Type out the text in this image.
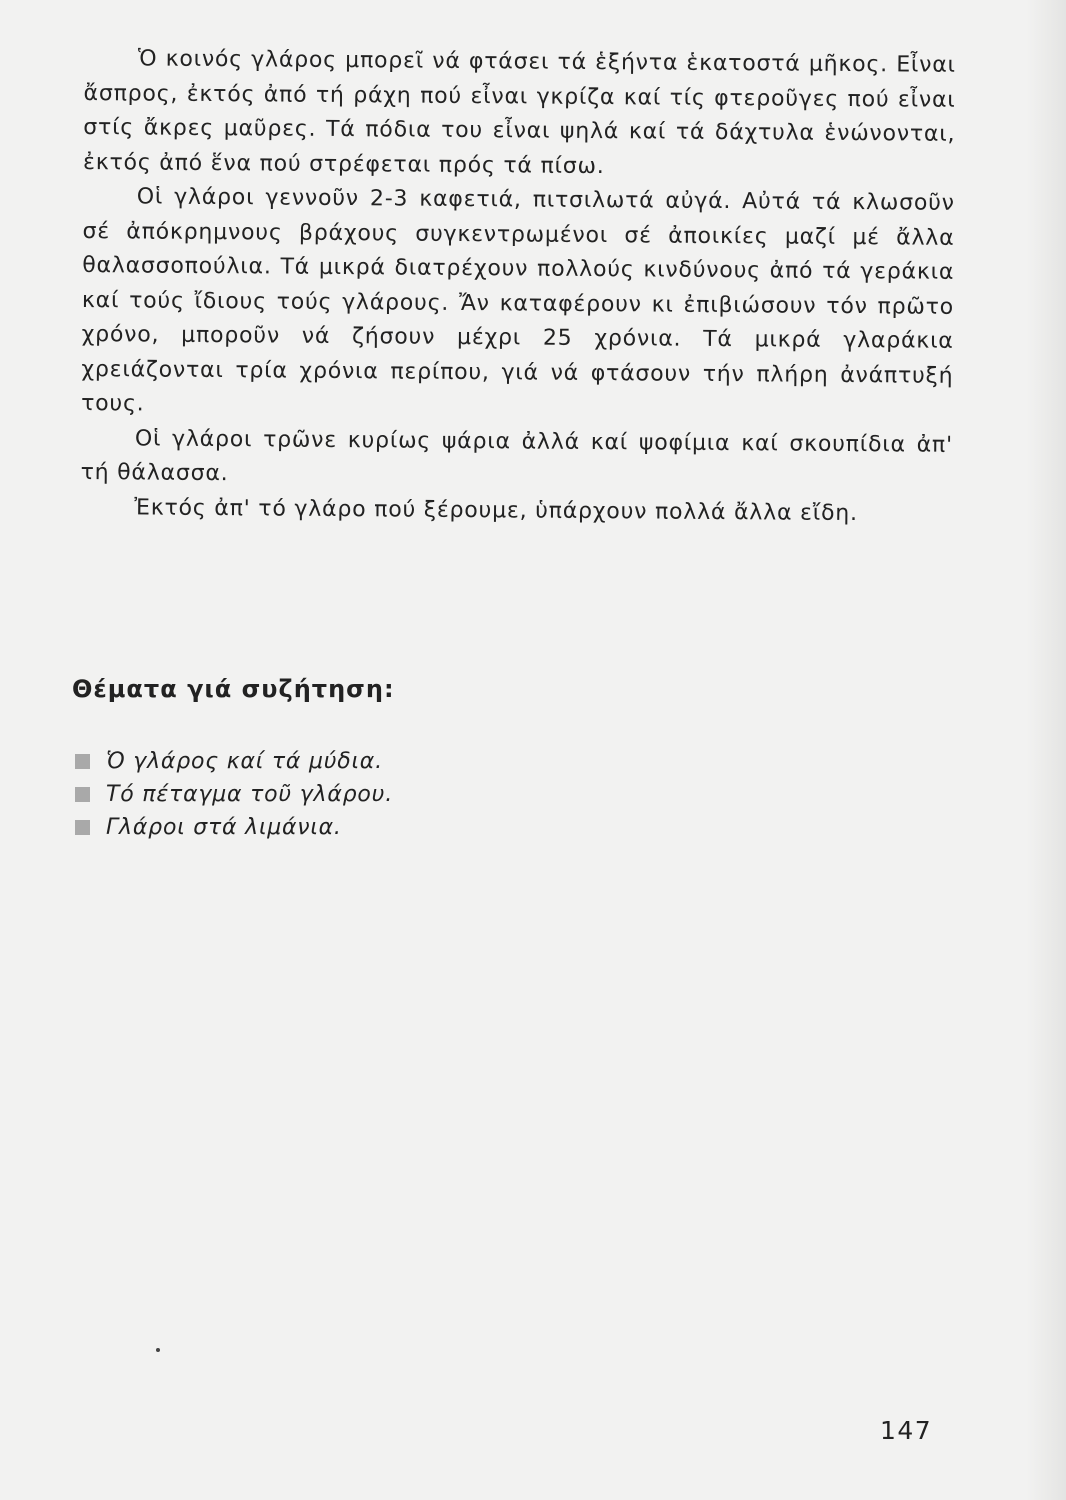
Ὁ κοινός γλάρος μπορεῖ νά φτάσει τά ἑξήντα ἑκατοστά μῆκος. Εἶναι ἄσπρος, ἐκτός ἀπό τή ράχη πού εἶναι γκρίζα καί τίς φτεροῦγες πού εἶναι στίς ἄκρες μαῦρες. Τά πόδια του εἶναι ψηλά καί τά δάχτυλα ἑνώνονται, ἐκτός ἀπό ἕνα πού στρέφεται πρός τά πίσω.

Οἱ γλάροι γεννοῦν 2-3 καφετιά, πιτσιλωτά αὐγά. Αὐτά τά κλωσοῦν σέ ἀπόκρημνους βράχους συγκεντρωμένοι σέ ἀποικίες μαζί μέ ἄλλα θαλασσοπούλια. Τά μικρά διατρέχουν πολλούς κινδύνους ἀπό τά γεράκια καί τούς ἴδιους τούς γλάρους. Ἄν καταφέρουν κι ἐπιβιώσουν τόν πρῶτο χρόνο, μποροῦν νά ζήσουν μέχρι 25 χρόνια. Τά μικρά γλαράκια χρειάζονται τρία χρόνια περίπου, γιά νά φτάσουν τήν πλήρη ἀνάπτυξή τους.

Οἱ γλάροι τρῶνε κυρίως ψάρια ἀλλά καί ψοφίμια καί σκουπίδια ἀπ' τή θάλασσα.

Ἐκτός ἀπ' τό γλάρο πού ξέρουμε, ὑπάρχουν πολλά ἄλλα εἴδη.

Θέματα γιά συζήτηση:
Ὁ γλάρος καί τά μύδια.
Τό πέταγμα τοῦ γλάρου.
Γλάροι στά λιμάνια.
147
